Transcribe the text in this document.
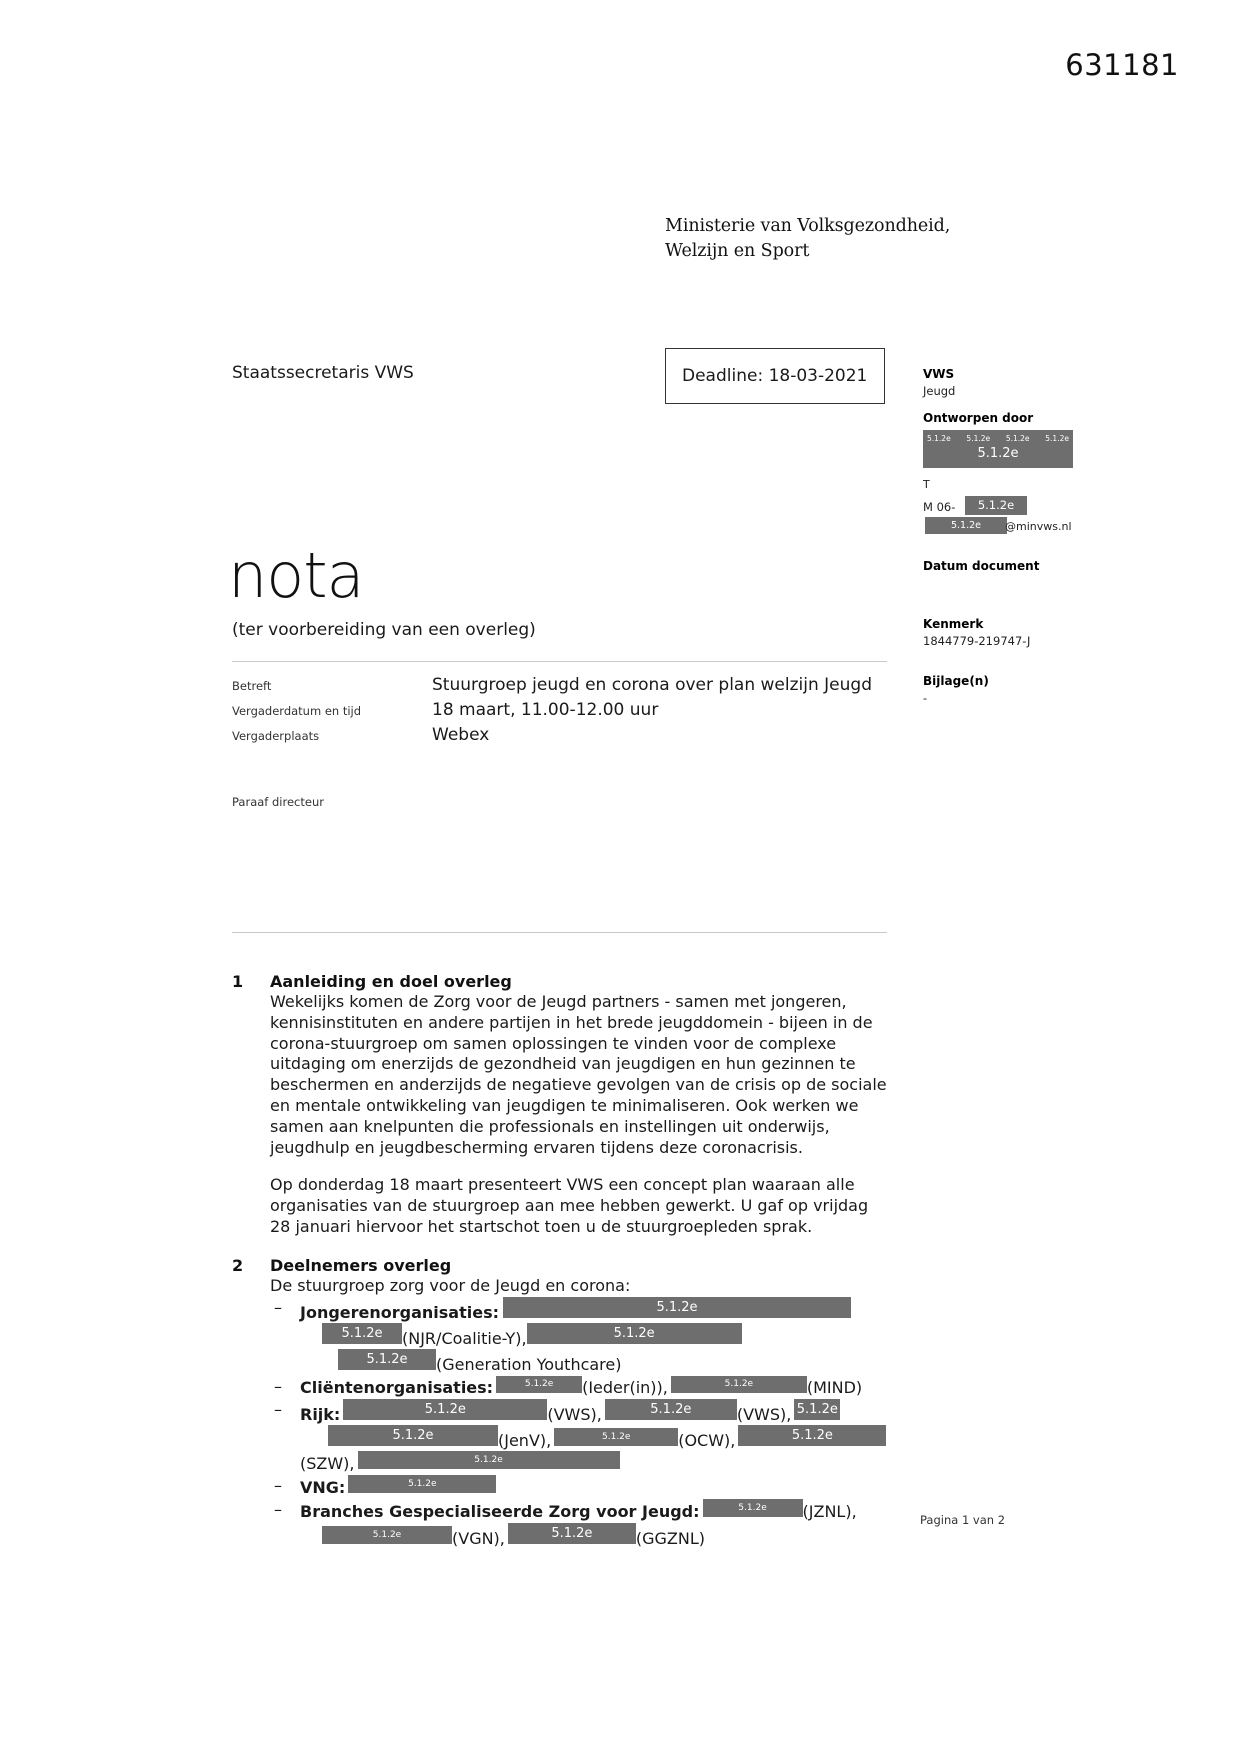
631181
Ministerie van Volksgezondheid,
Welzijn en Sport
Staatssecretaris VWS	Deadline: 18-03-2021	VWS
Jeugd
Ontworpen door
5.1.2e 5.1.2e 5.1.2e 5.1.2e
5.1.2e
T
M 06-	5.1.2e
5.1.2e	@minvws.nl
Datum document
Kenmerk
1844779-219747-J
Bijlage(n)
-
nota
(ter voorbereiding van een overleg)
Betreft	Stuurgroep jeugd en corona over plan welzijn Jeugd
Vergaderdatum en tijd	18 maart, 11.00-12.00 uur
Vergaderplaats	Webex
Paraaf directeur
1	Aanleiding en doel overleg

Wekelijks komen de Zorg voor de Jeugd partners - samen met jongeren, kennisinstituten en andere partijen in het brede jeugddomein - bijeen in de corona-stuurgroep om samen oplossingen te vinden voor de complexe uitdaging om enerzijds de gezondheid van jeugdigen en hun gezinnen te beschermen en anderzijds de negatieve gevolgen van de crisis op de sociale en mentale ontwikkeling van jeugdigen te minimaliseren. Ook werken we samen aan knelpunten die professionals en instellingen uit onderwijs, jeugdhulp en jeugdbescherming ervaren tijdens deze coronacrisis.

Op donderdag 18 maart presenteert VWS een concept plan waaraan alle organisaties van de stuurgroep aan mee hebben gewerkt. U gaf op vrijdag 28 januari hiervoor het startschot toen u de stuurgroepleden sprak.

2	Deelnemers overleg

De stuurgroep zorg voor de Jeugd en corona:

– Jongerenorganisaties:	5.1.2e
5.1.2e (NJR/Coalitie-Y),	5.1.2e
5.1.2e (Generation Youthcare)
– Cliëntenorganisaties:	5.1.2e (Ieder(in)),	5.1.2e	(MIND)
– Rijk:	5.1.2e	(VWS),	5.1.2e	(VWS), 5.1.2e
5.1.2e	(JenV),	5.1.2e	(OCW),	5.1.2e
(SZW),	5.1.2e
– VNG:	5.1.2e
– Branches Gespecialiseerde Zorg voor Jeugd:	5.1.2e (JZNL),
5.1.2e	(VGN),	5.1.2e	(GGZNL)
Pagina 1 van 2
